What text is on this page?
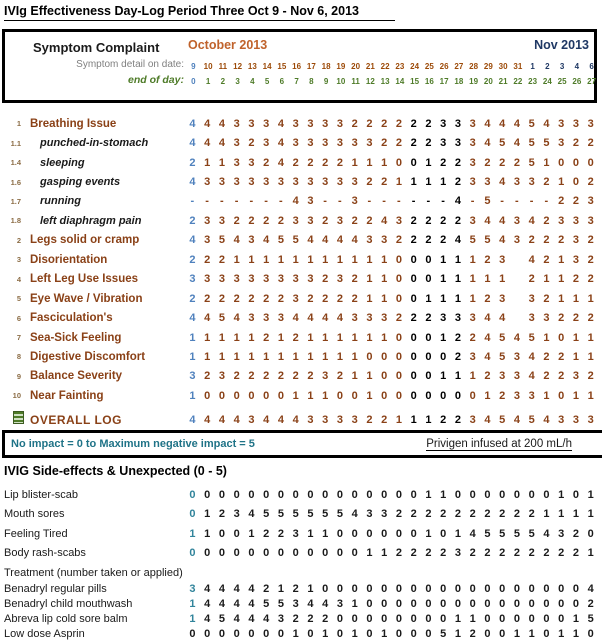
IVIg Effectiveness Day-Log Period Three Oct 9 - Nov 6, 2013
Symptom Complaint
Symptom detail on date:
end of day:
October 2013	Nov 2013
9	10 11 12 13 14 15 16 17 18 19 20 21 22 23 24 25 26 27 28 29 30 31	1	2	3	4	6
0	1	2	3	4	5	6	7	8	9	10 11 12 13 14 15 16 17 18 19 20 21 22 23 24 25 26 27
1 Breathing Issue	4 4 4 3 3 3 4 3 3 3 3 2 2 2 2 2 2 3 3 3 4 4 4 5 4 3 3 3
1.1	punched-in-stomach	4 4 4 3 2 3 4 3 3 3 3 3 3 2 2 2 2 3 3 3 4 5 4 5 5 3 2 2
1.4	sleeping	2 1 1 3 3 2 4 2 2 2 2 1 1 1 0 0 1 2 2 3 2 2 2 5 1 0 0 0
1.6	gasping events	4 3 3 3 3 3 3 3 3 3 3 3 2 2 1 1 1 1 2 3 3 4 3 3 2 1 0 2
1.7	running	-	-	-	-	-	-	- 4 3 -	- 3 -	-	-	-	-	- 4 - 5 -	-	-	- 2 2 3
1.8	left diaphragm pain	2 3 3 2 2 2 2 3 3 2 3 2 2 4 3 2 2 2 2 3 4 4 3 4 2 3 3 3
2 Legs solid or cramp	4 3 5 4 3 4 5 5 4 4 4 4 3 3 2 2 2 2 4 5 5 4 3 2 2 2 3 2
3 Disorientation	2 2 2 1 1 1 1 1 1 1 1 1 1 1 0 0 0 1 1 1 2 3	4 2 1 3 2
4 Left Leg Use Issues	3 3 3 3 3 3 3 3 3 2 3 2 1 1 0 0 0 1 1 1 1 1	2 1 1 2 2
5 Eye Wave / Vibration	2 2 2 2 2 2 2 3 2 2 2 2 1 1 0 0 1 1 1 1 2 3	3 2 1 1 1
6 Fasciculation's	4 4 5 4 3 3 3 4 4 4 4 3 3 3 2 2 2 3 3 3 4 4	3 3 2 2 2
7 Sea-Sick Feeling	1 1 1 1 1 2 1 2 1 1 1 1 1 1 0 0 0 1 2 2 4 5 4 5 1 0 1 1
8 Digestive Discomfort	1 1 1 1 1 1 1 1 1 1 1 1 0 0 0 0 0 0 2 3 4 5 3 4 2 2 1 1
9 Balance Severity	3 2 3 2 2 2 2 2 2 3 2 1 1 0 0 0 0 1 1 1 2 3 3 4 2 2 3 2
10 Near Fainting	1 0 0 0 0 0 0 1 1 1 0 0 1 0 0 0 0 0 0 0 1 2 3 3 1 0 1 1
OVERALL LOG	4 4 4 4 3 4 4 4 3 3 3 3 2 2 1 1 1 2 2 3 4 5 4 5 4 3 3 3
No impact = 0 to Maximum negative impact = 5	Privigen infused at 200 mL/h
IVIG Side-effects & Unexpected (0 - 5)
Lip blister-scab	0 0 0 0 0 0 0 0 0 0 0 0 0 0 0 0 1 1 0 0 0 0 0 0 0 1 0 1
Mouth sores	0 1 2 3 4 5 5 5 5 5 5 4 3 3 2 2 2 2 2 2 2 2 2 2 1 1 1 1
Feeling Tired	1 1 0 0 1 2 2 3 1 1 0 0 0 0 0 0 1 0 1 4 5 5 5 5 4 3 2 0
Body rash-scabs	0 0 0 0 0 0 0 0 0 0 0 0 1 1 2 2 2 2 3 2 2 2 2 2 2 2 2 1
Treatment (number taken or applied)
Benadryl regular pills	3 4 4 4 4 2 1 2 1 0 0 0 0 0 0 0 0 0 0 0 0 0 0 0 0 0 0 4
Benadryl child mouthwash	1 4 4 4 4 5 5 3 4 4 3 1 0 0 0 0 0 0 0 0 0 0 0 0 0 0 0 2
Abreva lip cold sore balm	1 4 5 4 4 4 3 2 2 2 0 0 0 0 0 0 0 0 1 1 0 0 0 0 0 0 1 5
Low dose Asprin	0 0 0 0 0 0 0 1 0 1 0 1 0 1 0 0 0 5 1 2 0 0 1 1 0 1 1 0
